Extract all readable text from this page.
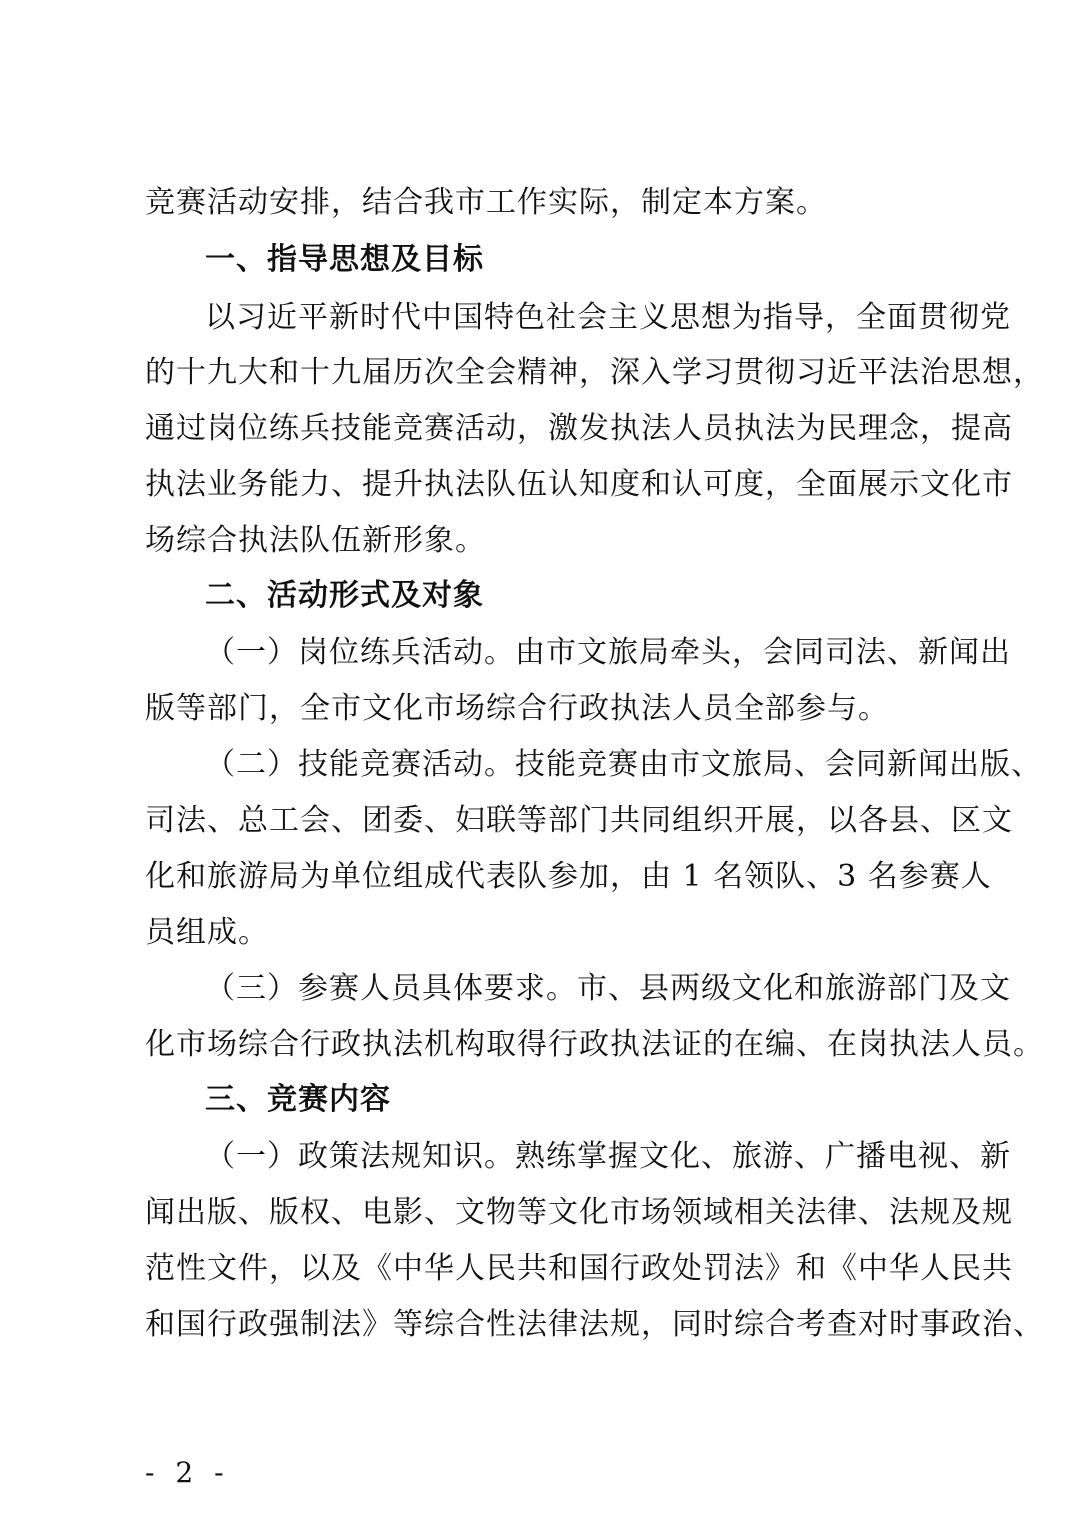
竞赛活动安排，结合我市工作实际，制定本方案。
一、指导思想及目标
以习近平新时代中国特色社会主义思想为指导，全面贯彻党
的十九大和十九届历次全会精神，深入学习贯彻习近平法治思想，
通过岗位练兵技能竞赛活动，激发执法人员执法为民理念，提高
执法业务能力、提升执法队伍认知度和认可度，全面展示文化市
场综合执法队伍新形象。
二、活动形式及对象
（一）岗位练兵活动。由市文旅局牵头，会同司法、新闻出
版等部门，全市文化市场综合行政执法人员全部参与。
（二）技能竞赛活动。技能竞赛由市文旅局、会同新闻出版、
司法、总工会、团委、妇联等部门共同组织开展，以各县、区文
化和旅游局为单位组成代表队参加，由 1 名领队、3 名参赛人
员组成。
（三）参赛人员具体要求。市、县两级文化和旅游部门及文
化市场综合行政执法机构取得行政执法证的在编、在岗执法人员。
三、竞赛内容
（一）政策法规知识。熟练掌握文化、旅游、广播电视、新
闻出版、版权、电影、文物等文化市场领域相关法律、法规及规
范性文件，以及《中华人民共和国行政处罚法》和《中华人民共
和国行政强制法》等综合性法律法规，同时综合考查对时事政治、
- 2 -
